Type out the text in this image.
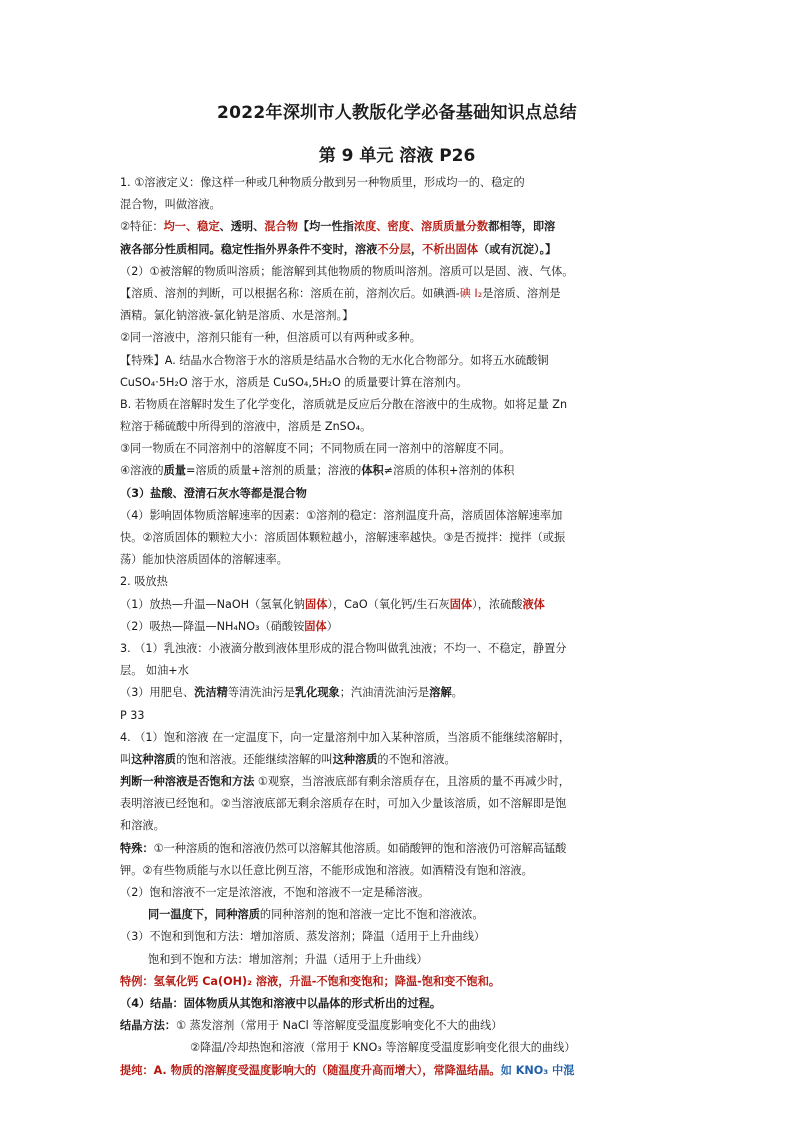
2022年深圳市人教版化学必备基础知识点总结
第 9 单元 溶液 P26
1. ①溶液定义：像这样一种或几种物质分散到另一种物质里，形成均一的、稳定的
混合物，叫做溶液。
②特征：均一、稳定、透明、混合物【均一性指浓度、密度、溶质质量分数都相等，即溶
液各部分性质相同。稳定性指外界条件不变时，溶液不分层，不析出固体（或有沉淀）。】
（2）①被溶解的物质叫溶质；能溶解到其他物质的物质叫溶剂。溶质可以是固、液、气体。
【溶质、溶剂的判断，可以根据名称：溶质在前，溶剂次后。如碘酒-碘 I₂是溶质、溶剂是
酒精。氯化钠溶液-氯化钠是溶质、水是溶剂。】
②同一溶液中，溶剂只能有一种，但溶质可以有两种或多种。
【特殊】A. 结晶水合物溶于水的溶质是结晶水合物的无水化合物部分。如将五水硫酸铜
CuSO₄·5H₂O 溶于水，溶质是 CuSO₄,5H₂O 的质量要计算在溶剂内。
B. 若物质在溶解时发生了化学变化，溶质就是反应后分散在溶液中的生成物。如将足量 Zn
粒溶于稀硫酸中所得到的溶液中，溶质是 ZnSO₄。
③同一物质在不同溶剂中的溶解度不同；不同物质在同一溶剂中的溶解度不同。
④溶液的质量=溶质的质量+溶剂的质量；溶液的体积≠溶质的体积+溶剂的体积
（3）盐酸、澄清石灰水等都是混合物
（4）影响固体物质溶解速率的因素：①溶剂的稳定：溶剂温度升高，溶质固体溶解速率加
快。②溶质固体的颗粒大小：溶质固体颗粒越小，溶解速率越快。③是否搅拌：搅拌（或振
荡）能加快溶质固体的溶解速率。
2. 吸放热
（1）放热—升温—NaOH（氢氧化钠固体），CaO（氧化钙/生石灰固体），浓硫酸液体
（2）吸热—降温—NH₄NO₃（硝酸铵固体）
3. （1）乳浊液：小液滴分散到液体里形成的混合物叫做乳浊液；不均一、不稳定，静置分
层。 如油+水
（3）用肥皂、洗洁精等清洗油污是乳化现象；汽油清洗油污是溶解。
P 33
4. （1）饱和溶液 在一定温度下，向一定量溶剂中加入某种溶质，当溶质不能继续溶解时，
叫这种溶质的饱和溶液。还能继续溶解的叫这种溶质的不饱和溶液。
判断一种溶液是否饱和方法 ①观察，当溶液底部有剩余溶质存在，且溶质的量不再减少时，
表明溶液已经饱和。②当溶液底部无剩余溶质存在时，可加入少量该溶质，如不溶解即是饱
和溶液。
特殊：①一种溶质的饱和溶液仍然可以溶解其他溶质。如硝酸钾的饱和溶液仍可溶解高锰酸
钾。②有些物质能与水以任意比例互溶，不能形成饱和溶液。如酒精没有饱和溶液。
（2）饱和溶液不一定是浓溶液，不饱和溶液不一定是稀溶液。
同一温度下，同种溶质的同种溶剂的饱和溶液一定比不饱和溶液浓。
（3）不饱和到饱和方法：增加溶质、蒸发溶剂；降温（适用于上升曲线）
饱和到不饱和方法：增加溶剂；升温（适用于上升曲线）
特例：氢氧化钙 Ca(OH)₂ 溶液，升温-不饱和变饱和；降温-饱和变不饱和。
（4）结晶：固体物质从其饱和溶液中以晶体的形式析出的过程。
结晶方法：① 蒸发溶剂（常用于 NaCl 等溶解度受温度影响变化不大的曲线）
②降温/冷却热饱和溶液（常用于 KNO₃ 等溶解度受温度影响变化很大的曲线）
提纯：A. 物质的溶解度受温度影响大的（随温度升高而增大），常降温结晶。如 KNO₃ 中混
